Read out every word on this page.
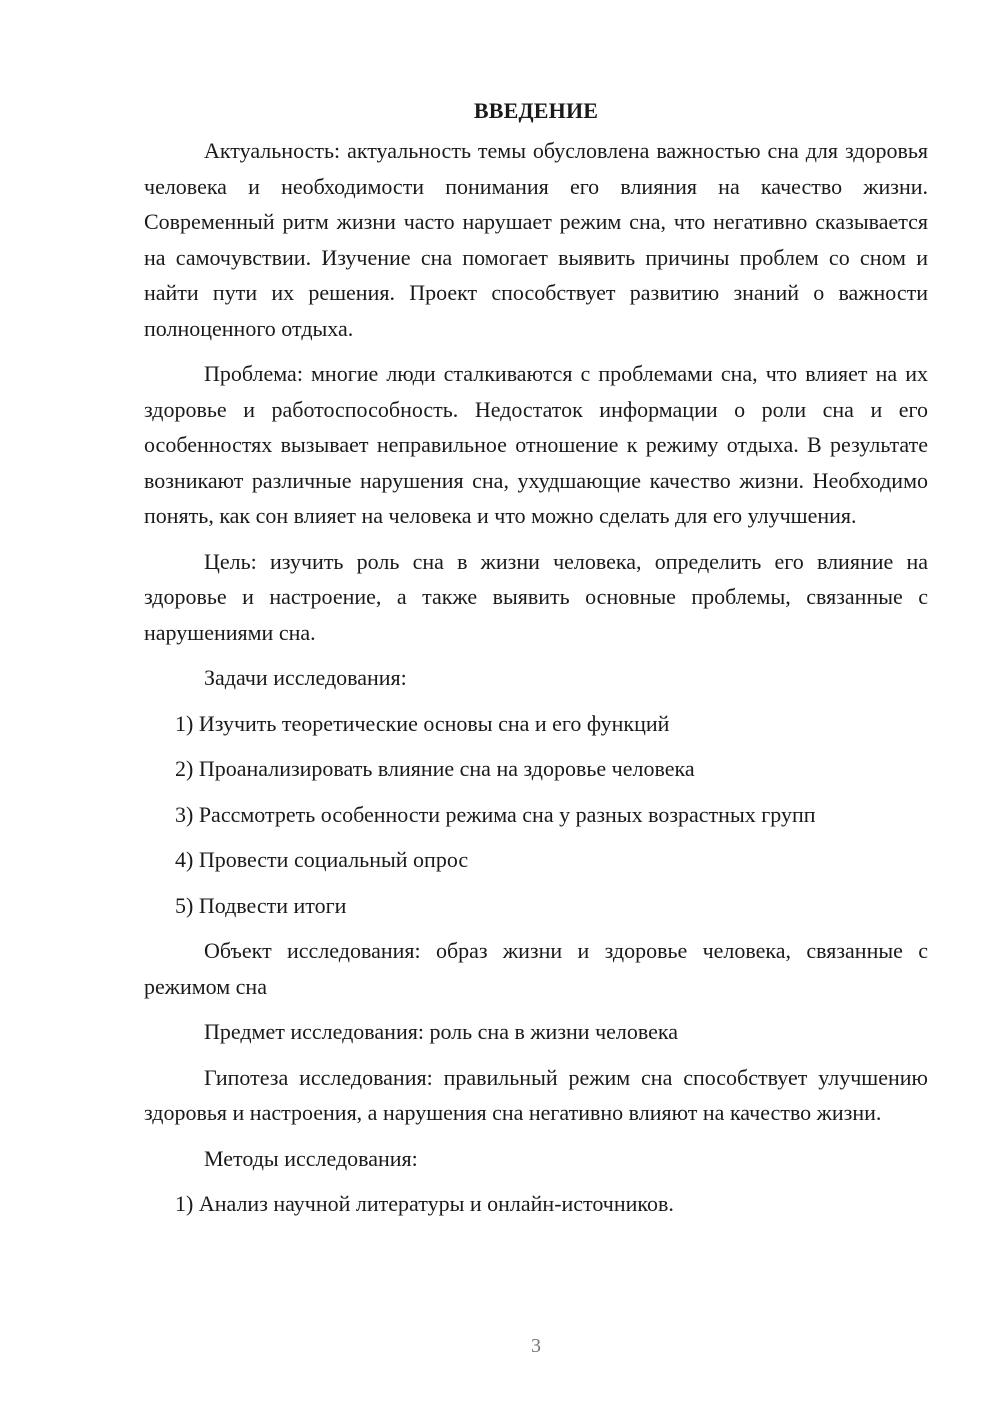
ВВЕДЕНИЕ

Актуальность: актуальность темы обусловлена важностью сна для здоровья человека и необходимости понимания его влияния на качество жизни. Современный ритм жизни часто нарушает режим сна, что негативно сказывается на самочувствии. Изучение сна помогает выявить причины проблем со сном и найти пути их решения. Проект способствует развитию знаний о важности полноценного отдыха.

Проблема: многие люди сталкиваются с проблемами сна, что влияет на их здоровье и работоспособность. Недостаток информации о роли сна и его особенностях вызывает неправильное отношение к режиму отдыха. В результате возникают различные нарушения сна, ухудшающие качество жизни. Необходимо понять, как сон влияет на человека и что можно сделать для его улучшения.

Цель: изучить роль сна в жизни человека, определить его влияние на здоровье и настроение, а также выявить основные проблемы, связанные с нарушениями сна.

Задачи исследования:
1) Изучить теоретические основы сна и его функций
2) Проанализировать влияние сна на здоровье человека
3) Рассмотреть особенности режима сна у разных возрастных групп
4) Провести социальный опрос
5) Подвести итоги

Объект исследования: образ жизни и здоровье человека, связанные с режимом сна

Предмет исследования: роль сна в жизни человека

Гипотеза исследования: правильный режим сна способствует улучшению здоровья и настроения, а нарушения сна негативно влияют на качество жизни.

Методы исследования:
1) Анализ научной литературы и онлайн-источников.
3
